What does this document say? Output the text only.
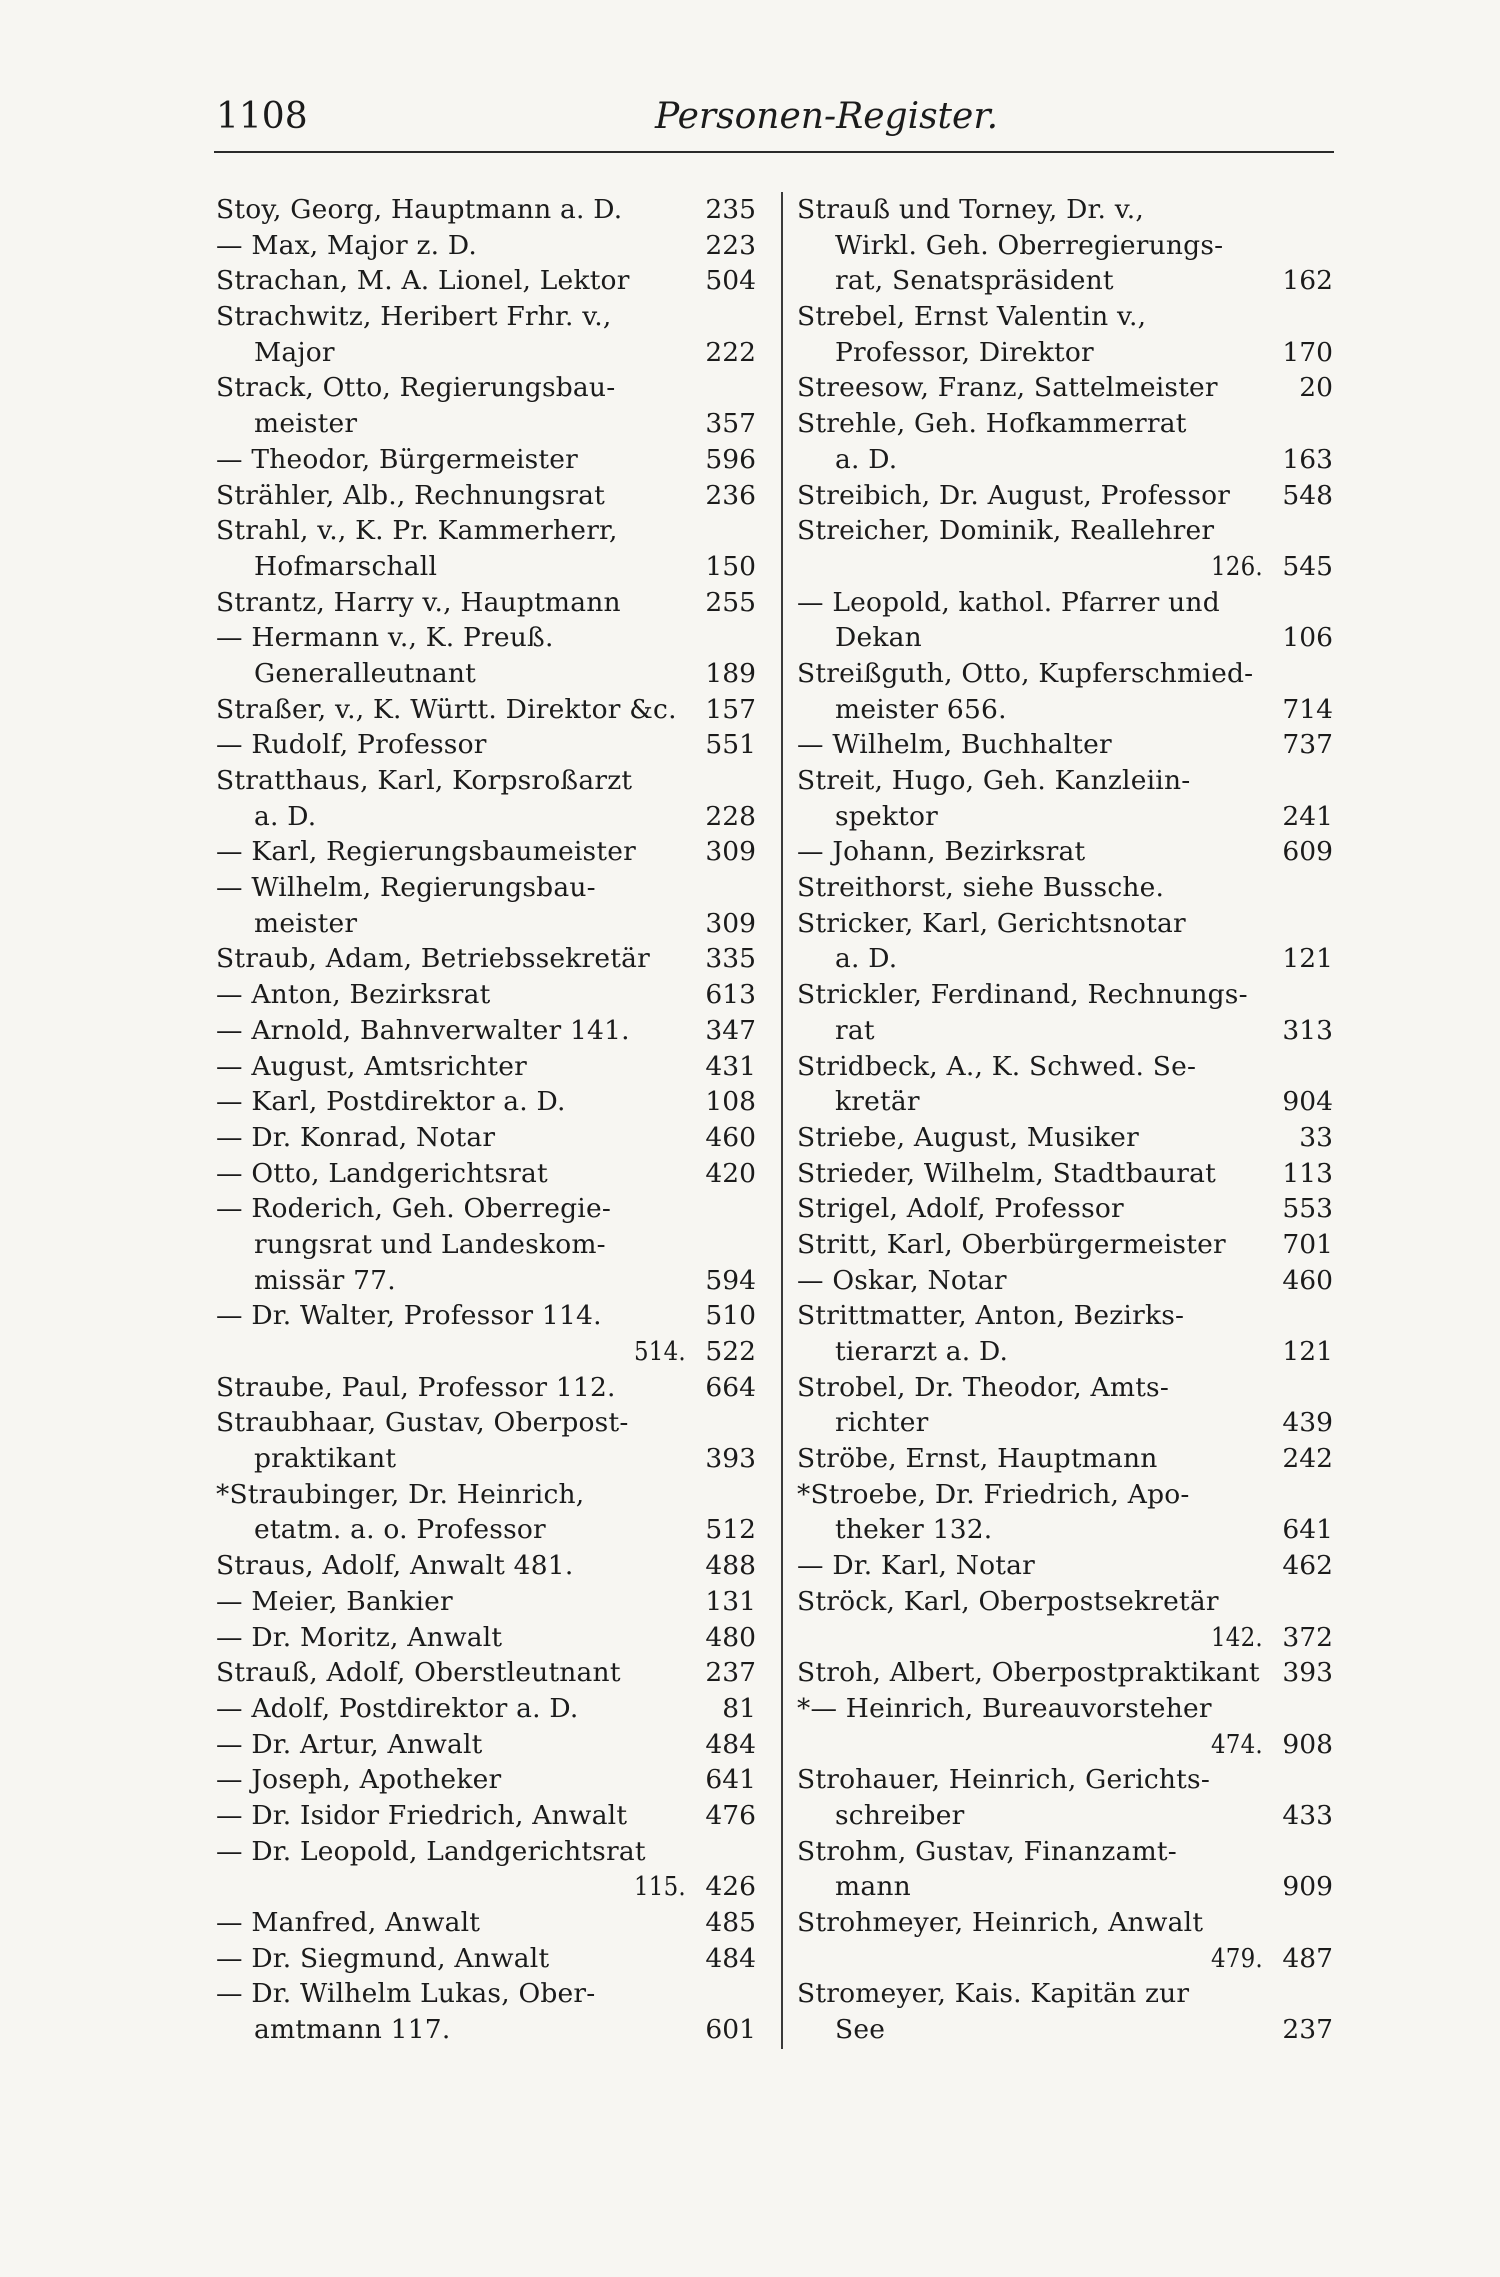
1108	Personen-Register.
Stoy, Georg, Hauptmann a. D.	235
— Max, Major z. D.	223
Strachan, M. A. Lionel, Lektor	504
Strachwitz, Heribert Frhr. v.,
Major	222
Strack, Otto, Regierungsbau-
meister	357
— Theodor, Bürgermeister	596
Strähler, Alb., Rechnungsrat	236
Strahl, v., K. Pr. Kammerherr,
Hofmarschall	150
Strantz, Harry v., Hauptmann	255
— Hermann v., K. Preuß.
Generalleutnant	189
Straßer, v., K. Württ. Direktor &c. 157
— Rudolf, Professor	551
Stratthaus, Karl, Korpsroßarzt
a. D.	228
— Karl, Regierungsbaumeister	309
— Wilhelm, Regierungsbau-
meister	309
Straub, Adam, Betriebssekretär 335
— Anton, Bezirksrat	613
— Arnold, Bahnverwalter 141.	347
— August, Amtsrichter	431
— Karl, Postdirektor a. D.	108
— Dr. Konrad, Notar	460
— Otto, Landgerichtsrat	420
— Roderich, Geh. Oberregie-
rungsrat und Landeskom-
missär 77.	594
— Dr. Walter, Professor 114.	510
514. 522
Straube, Paul, Professor 112.	664
Straubhaar, Gustav, Oberpost-
praktikant	393
*Straubinger, Dr. Heinrich,
etatm. a. o. Professor	512
Straus, Adolf, Anwalt 481.	488
— Meier, Bankier	131
— Dr. Moritz, Anwalt	480
Strauß, Adolf, Oberstleutnant	237
— Adolf, Postdirektor a. D.	81
— Dr. Artur, Anwalt	484
— Joseph, Apotheker	641
— Dr. Isidor Friedrich, Anwalt	476
— Dr. Leopold, Landgerichtsrat
115. 426
— Manfred, Anwalt	485
— Dr. Siegmund, Anwalt	484
— Dr. Wilhelm Lukas, Ober-
amtmann 117.	601
Strauß und Torney, Dr. v.,
Wirkl. Geh. Oberregierungs-
rat, Senatspräsident	162
Strebel, Ernst Valentin v.,
Professor, Direktor	170
Streesow, Franz, Sattelmeister	20
Strehle, Geh. Hofkammerrat
a. D.	163
Streibich, Dr. August, Professor 548
Streicher, Dominik, Reallehrer
126. 545
— Leopold, kathol. Pfarrer und
Dekan	106
Streißguth, Otto, Kupferschmied-
meister 656.	714
— Wilhelm, Buchhalter	737
Streit, Hugo, Geh. Kanzleiin-
spektor	241
— Johann, Bezirksrat	609
Streithorst, siehe Bussche.
Stricker, Karl, Gerichtsnotar
a. D.	121
Strickler, Ferdinand, Rechnungs-
rat	313
Stridbeck, A., K. Schwed. Se-
kretär	904
Striebe, August, Musiker	33
Strieder, Wilhelm, Stadtbaurat	113
Strigel, Adolf, Professor	553
Stritt, Karl, Oberbürgermeister 701
— Oskar, Notar	460
Strittmatter, Anton, Bezirks-
tierarzt a. D.	121
Strobel, Dr. Theodor, Amts-
richter	439
Ströbe, Ernst, Hauptmann	242
*Stroebe, Dr. Friedrich, Apo-
theker 132.	641
— Dr. Karl, Notar	462
Ströck, Karl, Oberpostsekretär
142. 372
Stroh, Albert, Oberpostpraktikant 393
*— Heinrich, Bureauvorsteher
474. 908
Strohauer, Heinrich, Gerichts-
schreiber	433
Strohm, Gustav, Finanzamt-
mann	909
Strohmeyer, Heinrich, Anwalt
479. 487
Stromeyer, Kais. Kapitän zur
See	237
